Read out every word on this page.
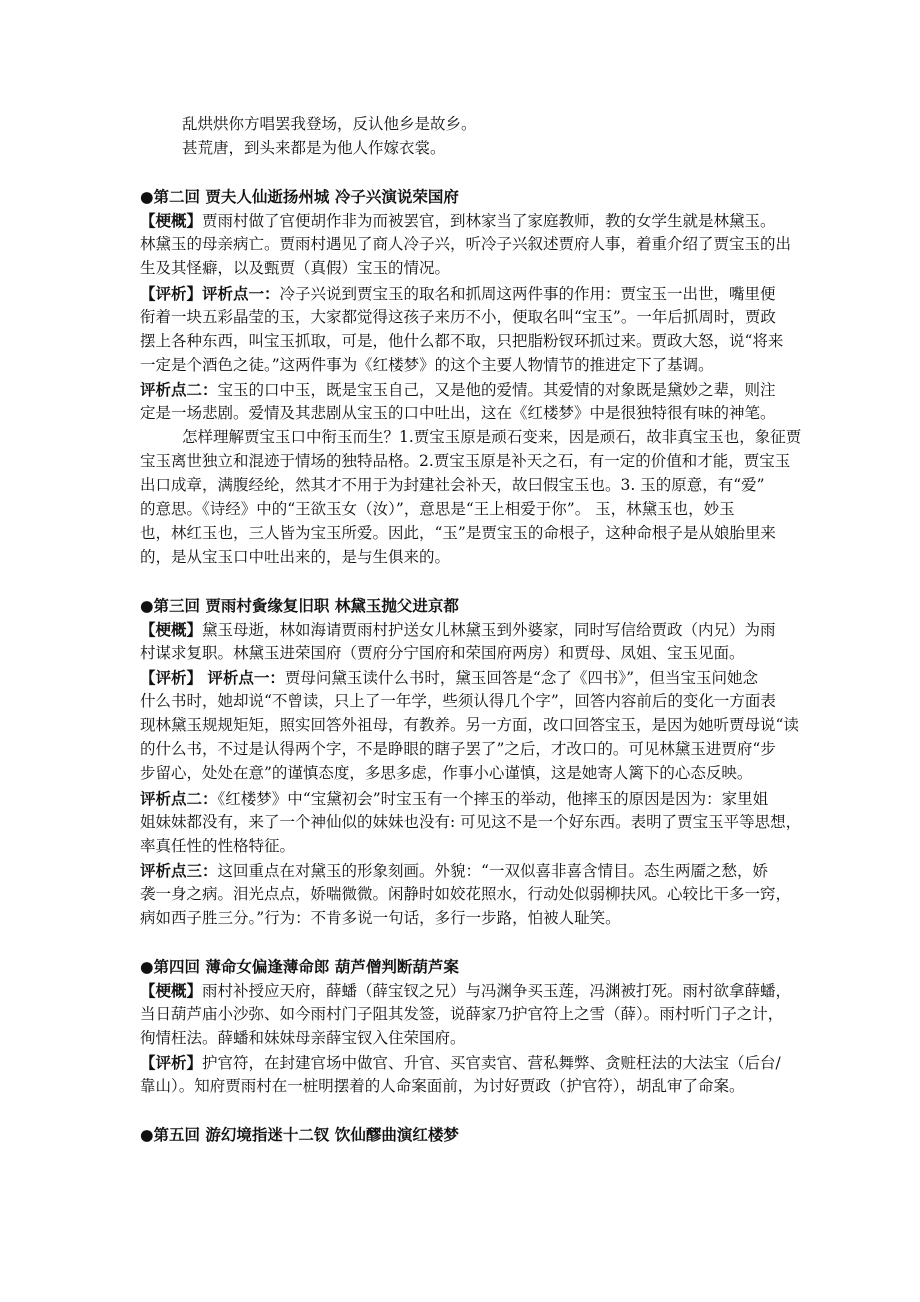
乱烘烘你方唱罢我登场，反认他乡是故乡。
甚荒唐，到头来都是为他人作嫁衣裳。
●第二回 贾夫人仙逝扬州城 冷子兴演说荣国府
【梗概】贾雨村做了官便胡作非为而被罢官，到林家当了家庭教师，教的女学生就是林黛玉。
林黛玉的母亲病亡。贾雨村遇见了商人冷子兴，听冷子兴叙述贾府人事，着重介绍了贾宝玉的出
生及其怪癖，以及甄贾（真假）宝玉的情况。
【评析】评析点一：冷子兴说到贾宝玉的取名和抓周这两件事的作用：贾宝玉一出世，嘴里便
衔着一块五彩晶莹的玉，大家都觉得这孩子来历不小，便取名叫“宝玉”。一年后抓周时，贾政
摆上各种东西，叫宝玉抓取，可是，他什么都不取，只把脂粉钗环抓过来。贾政大怒，说“将来
一定是个酒色之徒。”这两件事为《红楼梦》的这个主要人物情节的推进定下了基调。
评析点二：宝玉的口中玉，既是宝玉自己，又是他的爱情。其爱情的对象既是黛妙之辈，则注
定是一场悲剧。爱情及其悲剧从宝玉的口中吐出，这在《红楼梦》中是很独特很有味的神笔。
怎样理解贾宝玉口中衔玉而生？1.贾宝玉原是顽石变来，因是顽石，故非真宝玉也，象征贾
宝玉离世独立和混迹于情场的独特品格。2.贾宝玉原是补天之石，有一定的价值和才能，贾宝玉
出口成章，满腹经纶，然其才不用于为封建社会补天，故曰假宝玉也。3. 玉的原意，有“爱”
的意思。《诗经》中的“王欲玉女（汝）”，意思是“王上相爱于你”。 玉，林黛玉也，妙玉
也，林红玉也，三人皆为宝玉所爱。因此，“玉”是贾宝玉的命根子，这种命根子是从娘胎里来
的，是从宝玉口中吐出来的，是与生俱来的。
●第三回 贾雨村夤缘复旧职 林黛玉抛父进京都
【梗概】黛玉母逝，林如海请贾雨村护送女儿林黛玉到外婆家，同时写信给贾政（内兄）为雨
村谋求复职。林黛玉进荣国府（贾府分宁国府和荣国府两房）和贾母、凤姐、宝玉见面。
【评析】 评析点一：贾母问黛玉读什么书时，黛玉回答是“念了《四书》”，但当宝玉问她念
什么书时，她却说“不曾读，只上了一年学，些须认得几个字”，回答内容前后的变化一方面表
现林黛玉规规矩矩，照实回答外祖母，有教养。另一方面，改口回答宝玉，是因为她听贾母说“读
的什么书，不过是认得两个字，不是睁眼的瞎子罢了”之后，才改口的。可见林黛玉进贾府“步
步留心，处处在意”的谨慎态度，多思多虑，作事小心谨慎，这是她寄人篱下的心态反映。
评析点二：《红楼梦》中“宝黛初会”时宝玉有一个摔玉的举动，他摔玉的原因是因为：家里姐
姐妹妹都没有，来了一个神仙似的妹妹也没有: 可见这不是一个好东西。表明了贾宝玉平等思想，
率真任性的性格特征。
评析点三：这回重点在对黛玉的形象刻画。外貌：“一双似喜非喜含情目。态生两靥之愁，娇
袭一身之病。泪光点点，娇喘微微。闲静时如姣花照水，行动处似弱柳扶风。心较比干多一窍，
病如西子胜三分。”行为：不肯多说一句话，多行一步路，怕被人耻笑。
●第四回 薄命女偏逢薄命郎 葫芦僧判断葫芦案
【梗概】雨村补授应天府，薛蟠（薛宝钗之兄）与冯渊争买玉莲，冯渊被打死。雨村欲拿薛蟠，
当日葫芦庙小沙弥、如今雨村门子阻其发签，说薛家乃护官符上之雪（薛）。雨村听门子之计，
徇情枉法。薛蟠和妹妹母亲薛宝钗入住荣国府。
【评析】护官符，在封建官场中做官、升官、买官卖官、营私舞弊、贪赃枉法的大法宝（后台/
靠山）。知府贾雨村在一桩明摆着的人命案面前，为讨好贾政（护官符），胡乱审了命案。
●第五回 游幻境指迷十二钗 饮仙醪曲演红楼梦
